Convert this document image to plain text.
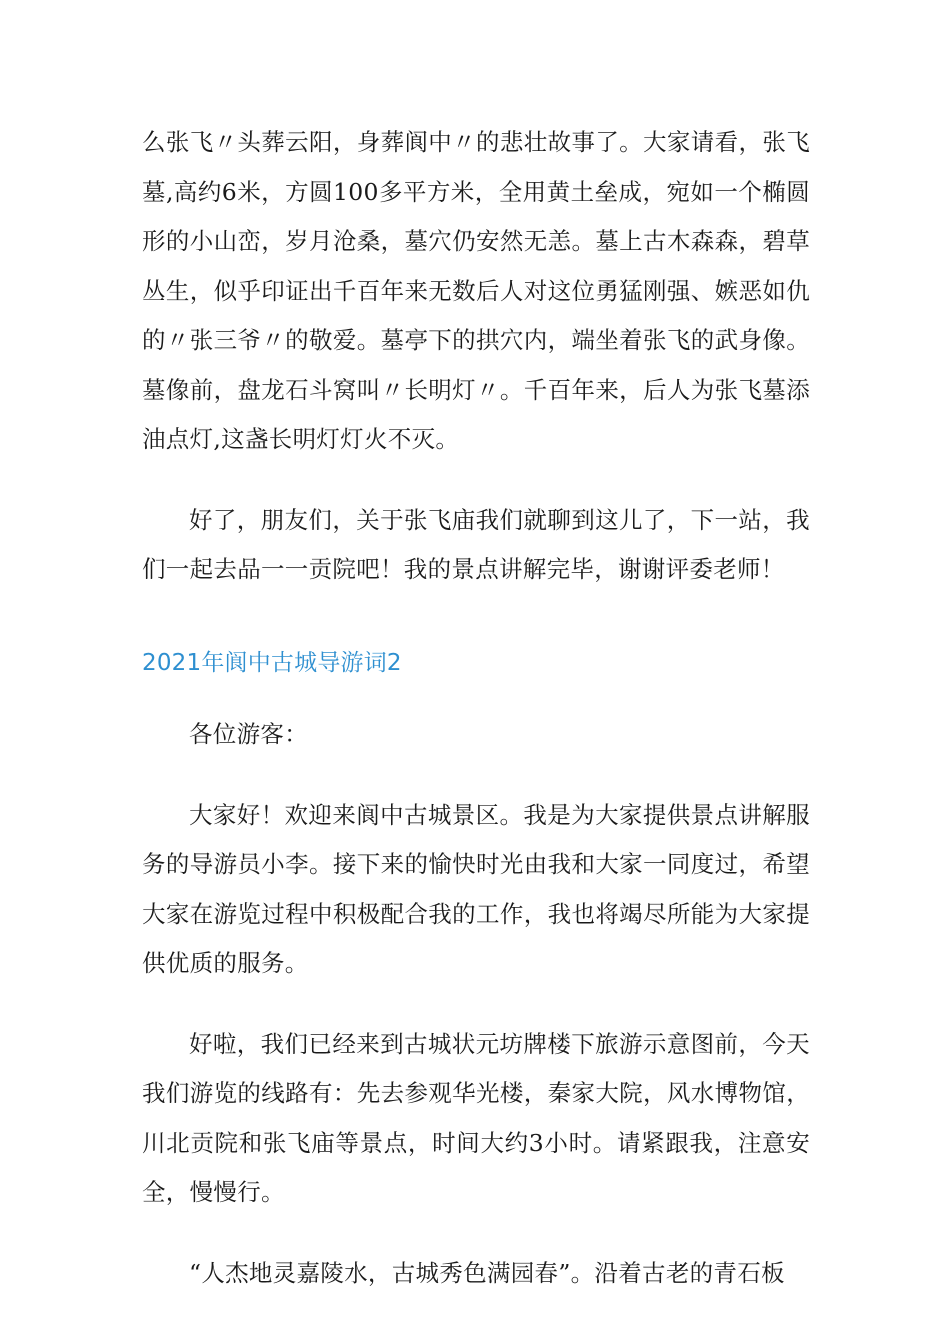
么张飞〃头葬云阳，身葬阆中〃的悲壮故事了。大家请看，张飞墓,高约6米，方圆100多平方米，全用黄土垒成，宛如一个椭圆形的小山峦，岁月沧桑，墓穴仍安然无恙。墓上古木森森，碧草丛生，似乎印证出千百年来无数后人对这位勇猛刚强、嫉恶如仇的〃张三爷〃的敬爱。墓亭下的拱穴内，端坐着张飞的武身像。墓像前，盘龙石斗窝叫〃长明灯〃。千百年来，后人为张飞墓添油点灯,这盏长明灯灯火不灭。

好了，朋友们，关于张飞庙我们就聊到这儿了，下一站，我们一起去品一一贡院吧！我的景点讲解完毕，谢谢评委老师！

2021年阆中古城导游词2

各位游客：

大家好！欢迎来阆中古城景区。我是为大家提供景点讲解服务的导游员小李。接下来的愉快时光由我和大家一同度过，希望大家在游览过程中积极配合我的工作，我也将竭尽所能为大家提供优质的服务。

好啦，我们已经来到古城状元坊牌楼下旅游示意图前，今天我们游览的线路有：先去参观华光楼，秦家大院，风水博物馆，川北贡院和张飞庙等景点，时间大约3小时。请紧跟我，注意安全，慢慢行。

“人杰地灵嘉陵水，古城秀色满园春”。沿着古老的青石板
